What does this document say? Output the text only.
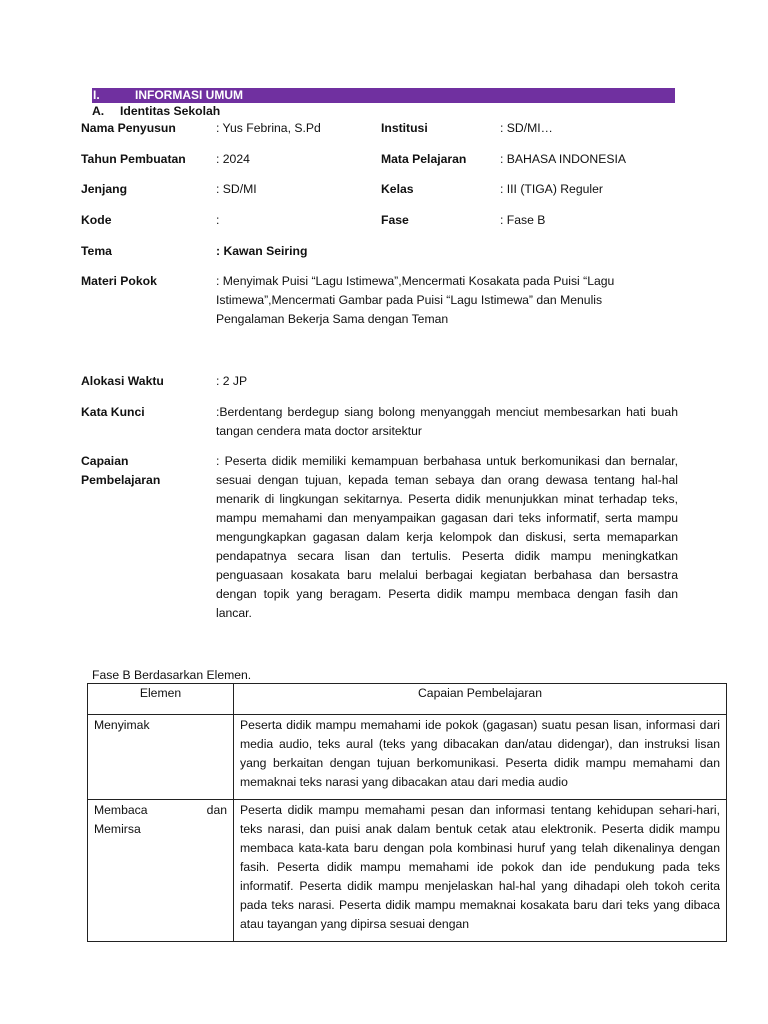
I.	INFORMASI UMUM
A. Identitas Sekolah
Nama Penyusun	: Yus Febrina, S.Pd	Institusi	: SD/MI…
Tahun Pembuatan : 2024	Mata Pelajaran	: BAHASA INDONESIA
Jenjang	: SD/MI	Kelas	: III (TIGA) Reguler
Kode	:	Fase	: Fase B
Tema	: Kawan Seiring
Materi Pokok	: Menyimak Puisi “Lagu Istimewa”,Mencermati Kosakata pada Puisi “Lagu
Istimewa”,Mencermati Gambar pada Puisi “Lagu Istimewa” dan Menulis
Pengalaman Bekerja Sama dengan Teman
Alokasi Waktu	: 2 JP
Kata Kunci	:Berdentang berdegup siang bolong menyanggah menciut membesarkan hati buah tangan cendera mata doctor arsitektur
Capaian Pembelajaran
: Peserta didik memiliki kemampuan berbahasa untuk berkomunikasi dan bernalar, sesuai dengan tujuan, kepada teman sebaya dan orang dewasa tentang hal-hal menarik di lingkungan sekitarnya. Peserta didik menunjukkan minat terhadap teks, mampu memahami dan menyampaikan gagasan dari teks informatif, serta mampu mengungkapkan gagasan dalam kerja kelompok dan diskusi, serta memaparkan pendapatnya secara lisan dan tertulis. Peserta didik mampu meningkatkan penguasaan kosakata baru melalui berbagai kegiatan berbahasa dan bersastra dengan topik yang beragam. Peserta didik mampu membaca dengan fasih dan lancar.
Fase B Berdasarkan Elemen.
Elemen	Capaian Pembelajaran
Menyimak	Peserta didik mampu memahami ide pokok (gagasan) suatu pesan lisan, informasi dari media audio, teks aural (teks yang dibacakan dan/atau didengar), dan instruksi lisan yang berkaitan dengan tujuan berkomunikasi. Peserta didik mampu memahami dan memaknai teks narasi yang dibacakan atau dari media audio

Membaca dan
Memirsa	Peserta didik mampu memahami pesan dan informasi tentang kehidupan sehari-hari, teks narasi, dan puisi anak dalam bentuk cetak atau elektronik. Peserta didik mampu membaca kata-kata baru dengan pola kombinasi huruf yang telah dikenalinya dengan fasih. Peserta didik mampu memahami ide pokok dan ide pendukung pada teks informatif. Peserta didik mampu menjelaskan hal-hal yang dihadapi oleh tokoh cerita pada teks narasi. Peserta didik mampu memaknai kosakata baru dari teks yang dibaca atau tayangan yang dipirsa sesuai dengan
